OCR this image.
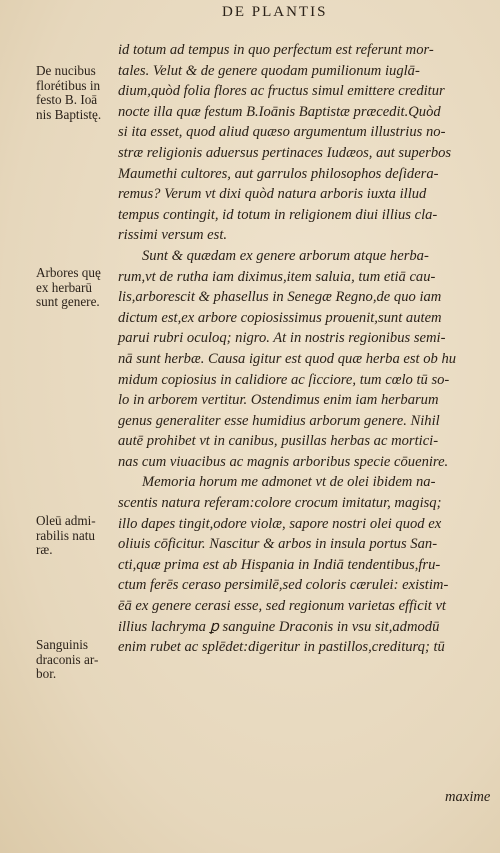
DE PLANTIS
De nucibus
florétibus in
festo B. Ioā
nis Baptistę.
Arbores quę
ex herbarū
sunt genere.
Oleū admi-
rabilis natu
ræ.
Sanguinis
draconis ar-
bor.
id totum ad tempus in quo perfectum est referunt mor-
tales. Velut & de genere quodam pumilionum iuglā-
dium,quòd folia flores ac fructus simul emittere creditur
nocte illa quæ festum B.Ioānis Baptistæ præcedit.Quòd
si ita esset, quod aliud quæso argumentum illustrius no-
stræ religionis aduersus pertinaces Iudæos, aut superbos
Maumethi cultores, aut garrulos philosophos deſidera-
remus? Verum vt dixi quòd natura arboris iuxta illud
tempus contingit, id totum in religionem diui illius cla-
rissimi versum est.
Sunt & quædam ex genere arborum atque herba-
rum,vt de rutha iam diximus,item saluia, tum etiā cau-
lis,arborescit & phasellus in Senegæ Regno,de quo iam
dictum est,ex arbore copiosissimus prouenit,sunt autem
parui rubri oculoq; nigro. At in nostris regionibus semi-
nā sunt herbæ. Causa igitur est quod quæ herba est ob hu
midum copiosius in calidiore ac ſicciore, tum cœlo tū so-
lo in arborem vertitur. Ostendimus enim iam herbarum
genus generaliter esse humidius arborum genere. Nihil
autē prohibet vt in canibus, pusillas herbas ac mortici-
nas cum viuacibus ac magnis arboribus specie cōuenire.
Memoria horum me admonet vt de olei ibidem na-
scentis natura referam:colore crocum imitatur, magisq;
illo dapes tingit,odore violæ, sapore nostri olei quod ex
oliuis cōficitur. Nascitur & arbos in insula portus San-
cti,quæ prima est ab Hispania in Indiā tendentibus,fru-
ctum ferēs ceraso persimilē,sed coloris cærulei: existim-
ēā ex genere cerasi esse, sed regionum varietas efficit vt
illius lachryma ꝑ sanguine Draconis in vsu sit,admodū
enim rubet ac splēdet:digeritur in pastillos,crediturq; tū
maxime
